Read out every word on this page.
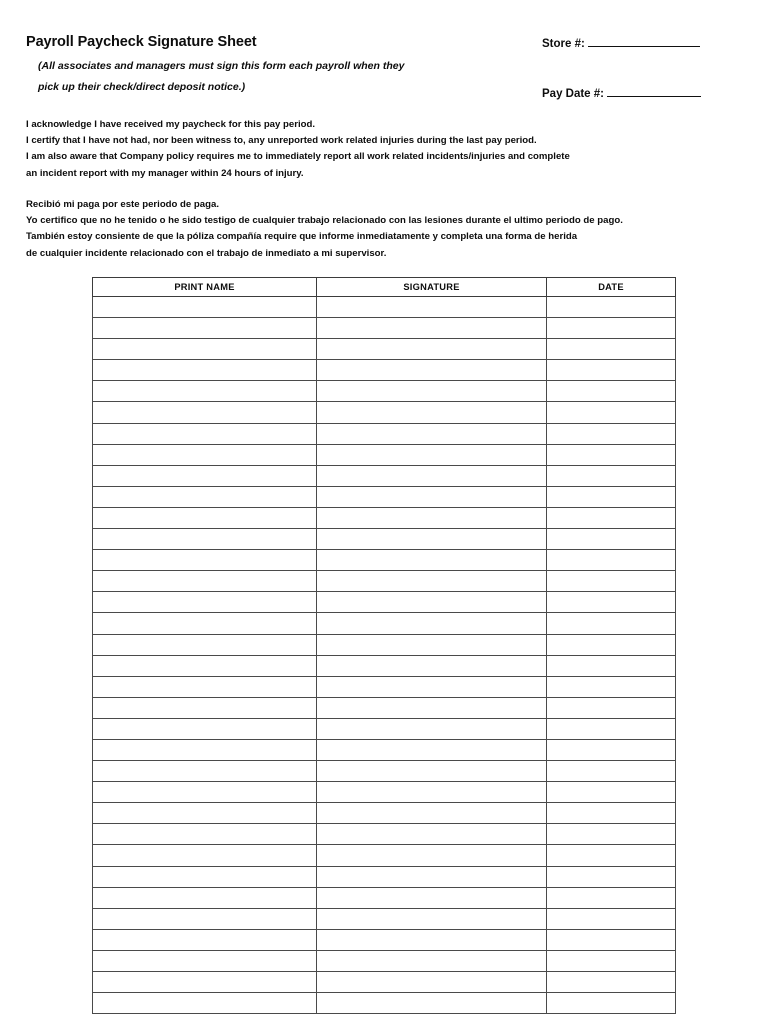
Payroll Paycheck Signature Sheet
(All associates and managers must sign this form each payroll when they
pick up their check/direct deposit notice.)
Store #:
Pay Date #:
I acknowledge I have received my paycheck for this pay period.
I certify that I have not had, nor been witness to, any unreported work related injuries during the last pay period.
I am also aware that Company policy requires me to immediately report all work related incidents/injuries and complete
an incident report with my manager within 24 hours of injury.
Recibió mi paga por este periodo de paga.
Yo certifico que no he tenido o he sido testigo de cualquier trabajo relacionado con las lesiones durante el ultimo periodo de pago.
También estoy consiente de que la póliza compañía require que informe inmediatamente y completa una forma de herida
de cualquier incidente relacionado con el trabajo de inmediato a mi supervisor.
PRINT NAME	SIGNATURE	DATE
